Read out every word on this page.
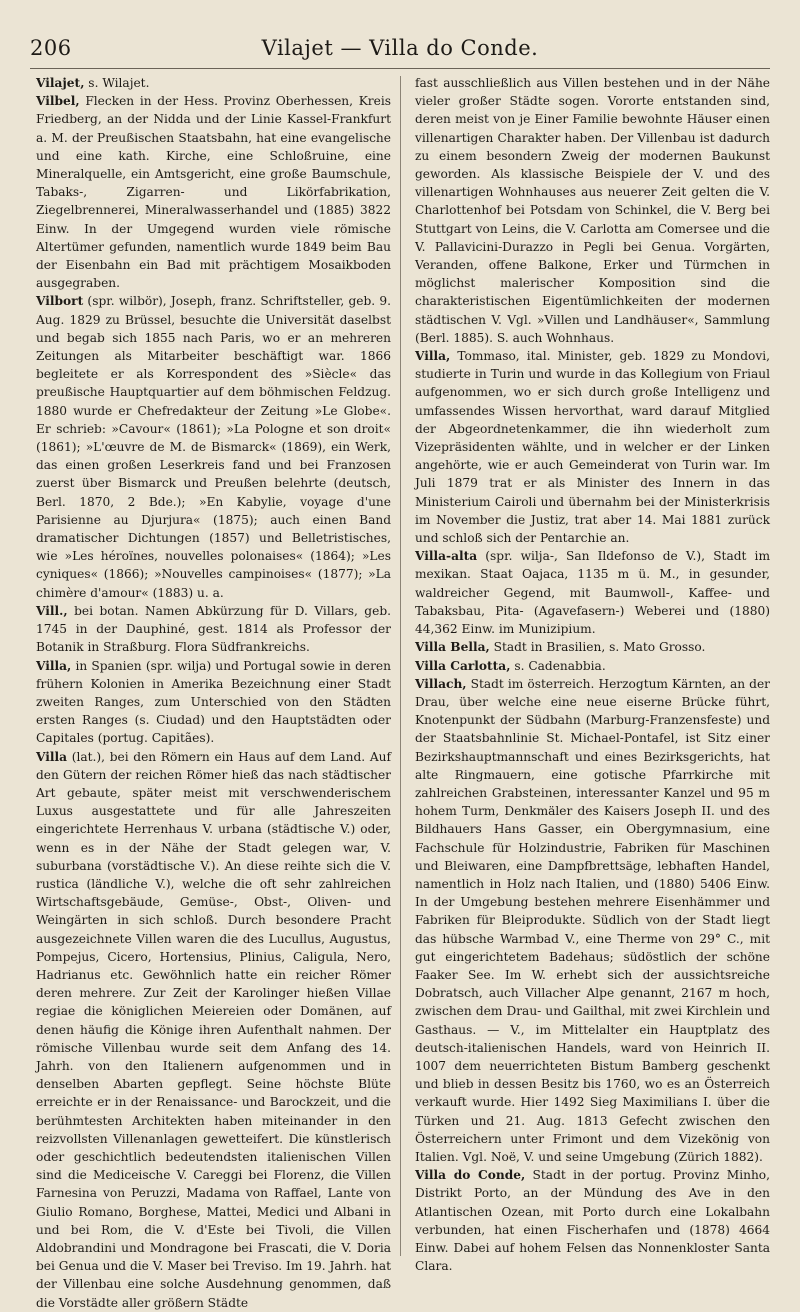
206	Vilajet — Villa do Conde.

Vilajet, s. Wilajet.

Vilbel, Flecken in der Hess. Provinz Oberhessen, Kreis Friedberg, an der Nidda und der Linie Kassel-Frankfurt a. M. der Preußischen Staatsbahn, hat eine evangelische und eine kath. Kirche, eine Schloßruine, eine Mineralquelle, ein Amtsgericht, eine große Baumschule, Tabaks-, Zigarren- und Likörfabrikation, Ziegelbrennerei, Mineralwasserhandel und (1885) 3822 Einw. In der Umgegend wurden viele römische Altertümer gefunden, namentlich wurde 1849 beim Bau der Eisenbahn ein Bad mit prächtigem Mosaikboden ausgegraben.

Vilbort (spr. wilbör), Joseph, franz. Schriftsteller, geb. 9. Aug. 1829 zu Brüssel, besuchte die Universität daselbst und begab sich 1855 nach Paris, wo er an mehreren Zeitungen als Mitarbeiter beschäftigt war. 1866 begleitete er als Korrespondent des »Siècle« das preußische Hauptquartier auf dem böhmischen Feldzug. 1880 wurde er Chefredakteur der Zeitung »Le Globe«. Er schrieb: »Cavour« (1861); »La Pologne et son droit« (1861); »L'œuvre de M. de Bismarck« (1869), ein Werk, das einen großen Leserkreis fand und bei Franzosen zuerst über Bismarck und Preußen belehrte (deutsch, Berl. 1870, 2 Bde.); »En Kabylie, voyage d'une Parisienne au Djurjura« (1875); auch einen Band dramatischer Dichtungen (1857) und Belletristisches, wie »Les héroïnes, nouvelles polonaises« (1864); »Les cyniques« (1866); »Nouvelles campinoises« (1877); »La chimère d'amour« (1883) u. a.

Vill., bei botan. Namen Abkürzung für D. Villars, geb. 1745 in der Dauphiné, gest. 1814 als Professor der Botanik in Straßburg. Flora Südfrankreichs.

Villa, in Spanien (spr. wilja) und Portugal sowie in deren frühern Kolonien in Amerika Bezeichnung einer Stadt zweiten Ranges, zum Unterschied von den Städten ersten Ranges (s. Ciudad) und den Hauptstädten oder Capitales (portug. Capitães).

Villa (lat.), bei den Römern ein Haus auf dem Land. Auf den Gütern der reichen Römer hieß das nach städtischer Art gebaute, später meist mit verschwenderischem Luxus ausgestattete und für alle Jahreszeiten eingerichtete Herrenhaus V. urbana (städtische V.) oder, wenn es in der Nähe der Stadt gelegen war, V. suburbana (vorstädtische V.). An diese reihte sich die V. rustica (ländliche V.), welche die oft sehr zahlreichen Wirtschaftsgebäude, Gemüse-, Obst-, Oliven- und Weingärten in sich schloß. Durch besondere Pracht ausgezeichnete Villen waren die des Lucullus, Augustus, Pompejus, Cicero, Hortensius, Plinius, Caligula, Nero, Hadrianus etc. Gewöhnlich hatte ein reicher Römer deren mehrere. Zur Zeit der Karolinger hießen Villae regiae die königlichen Meiereien oder Domänen, auf denen häufig die Könige ihren Aufenthalt nahmen. Der römische Villenbau wurde seit dem Anfang des 14. Jahrh. von den Italienern aufgenommen und in denselben Abarten gepflegt. Seine höchste Blüte erreichte er in der Renaissance- und Barockzeit, und die berühmtesten Architekten haben miteinander in den reizvollsten Villenanlagen gewetteifert. Die künstlerisch oder geschichtlich bedeutendsten italienischen Villen sind die Mediceische V. Careggi bei Florenz, die Villen Farnesina von Peruzzi, Madama von Raffael, Lante von Giulio Romano, Borghese, Mattei, Medici und Albani in und bei Rom, die V. d'Este bei Tivoli, die Villen Aldobrandini und Mondragone bei Frascati, die V. Doria bei Genua und die V. Maser bei Treviso. Im 19. Jahrh. hat der Villenbau eine solche Ausdehnung genommen, daß die Vorstädte aller größern Städte

fast ausschließlich aus Villen bestehen und in der Nähe vieler großer Städte sogen. Vororte entstanden sind, deren meist von je Einer Familie bewohnte Häuser einen villenartigen Charakter haben. Der Villenbau ist dadurch zu einem besondern Zweig der modernen Baukunst geworden. Als klassische Beispiele der V. und des villenartigen Wohnhauses aus neuerer Zeit gelten die V. Charlottenhof bei Potsdam von Schinkel, die V. Berg bei Stuttgart von Leins, die V. Carlotta am Comersee und die V. Pallavicini-Durazzo in Pegli bei Genua. Vorgärten, Veranden, offene Balkone, Erker und Türmchen in möglichst malerischer Komposition sind die charakteristischen Eigentümlichkeiten der modernen städtischen V. Vgl. »Villen und Landhäuser«, Sammlung (Berl. 1885). S. auch Wohnhaus.

Villa, Tommaso, ital. Minister, geb. 1829 zu Mondovi, studierte in Turin und wurde in das Kollegium von Friaul aufgenommen, wo er sich durch große Intelligenz und umfassendes Wissen hervorthat, ward darauf Mitglied der Abgeordnetenkammer, die ihn wiederholt zum Vizepräsidenten wählte, und in welcher er der Linken angehörte, wie er auch Gemeinderat von Turin war. Im Juli 1879 trat er als Minister des Innern in das Ministerium Cairoli und übernahm bei der Ministerkrisis im November die Justiz, trat aber 14. Mai 1881 zurück und schloß sich der Pentarchie an.

Villa-alta (spr. wilja-, San Ildefonso de V.), Stadt im mexikan. Staat Oajaca, 1135 m ü. M., in gesunder, waldreicher Gegend, mit Baumwoll-, Kaffee- und Tabaksbau, Pita- (Agavefasern-) Weberei und (1880) 44,362 Einw. im Munizipium.

Villa Bella, Stadt in Brasilien, s. Mato Grosso.

Villa Carlotta, s. Cadenabbia.

Villach, Stadt im österreich. Herzogtum Kärnten, an der Drau, über welche eine neue eiserne Brücke führt, Knotenpunkt der Südbahn (Marburg-Franzensfeste) und der Staatsbahnlinie St. Michael-Pontafel, ist Sitz einer Bezirkshauptmannschaft und eines Bezirksgerichts, hat alte Ringmauern, eine gotische Pfarrkirche mit zahlreichen Grabsteinen, interessanter Kanzel und 95 m hohem Turm, Denkmäler des Kaisers Joseph II. und des Bildhauers Hans Gasser, ein Obergymnasium, eine Fachschule für Holzindustrie, Fabriken für Maschinen und Bleiwaren, eine Dampfbrettsäge, lebhaften Handel, namentlich in Holz nach Italien, und (1880) 5406 Einw. In der Umgebung bestehen mehrere Eisenhämmer und Fabriken für Bleiprodukte. Südlich von der Stadt liegt das hübsche Warmbad V., eine Therme von 29° C., mit gut eingerichtetem Badehaus; südöstlich der schöne Faaker See. Im W. erhebt sich der aussichtsreiche Dobratsch, auch Villacher Alpe genannt, 2167 m hoch, zwischen dem Drau- und Gailthal, mit zwei Kirchlein und Gasthaus. — V., im Mittelalter ein Hauptplatz des deutsch-italienischen Handels, ward von Heinrich II. 1007 dem neuerrichteten Bistum Bamberg geschenkt und blieb in dessen Besitz bis 1760, wo es an Österreich verkauft wurde. Hier 1492 Sieg Maximilians I. über die Türken und 21. Aug. 1813 Gefecht zwischen den Österreichern unter Frimont und dem Vizekönig von Italien. Vgl. Noë, V. und seine Umgebung (Zürich 1882).

Villa do Conde, Stadt in der portug. Provinz Minho, Distrikt Porto, an der Mündung des Ave in den Atlantischen Ozean, mit Porto durch eine Lokalbahn verbunden, hat einen Fischerhafen und (1878) 4664 Einw. Dabei auf hohem Felsen das Nonnenkloster Santa Clara.
